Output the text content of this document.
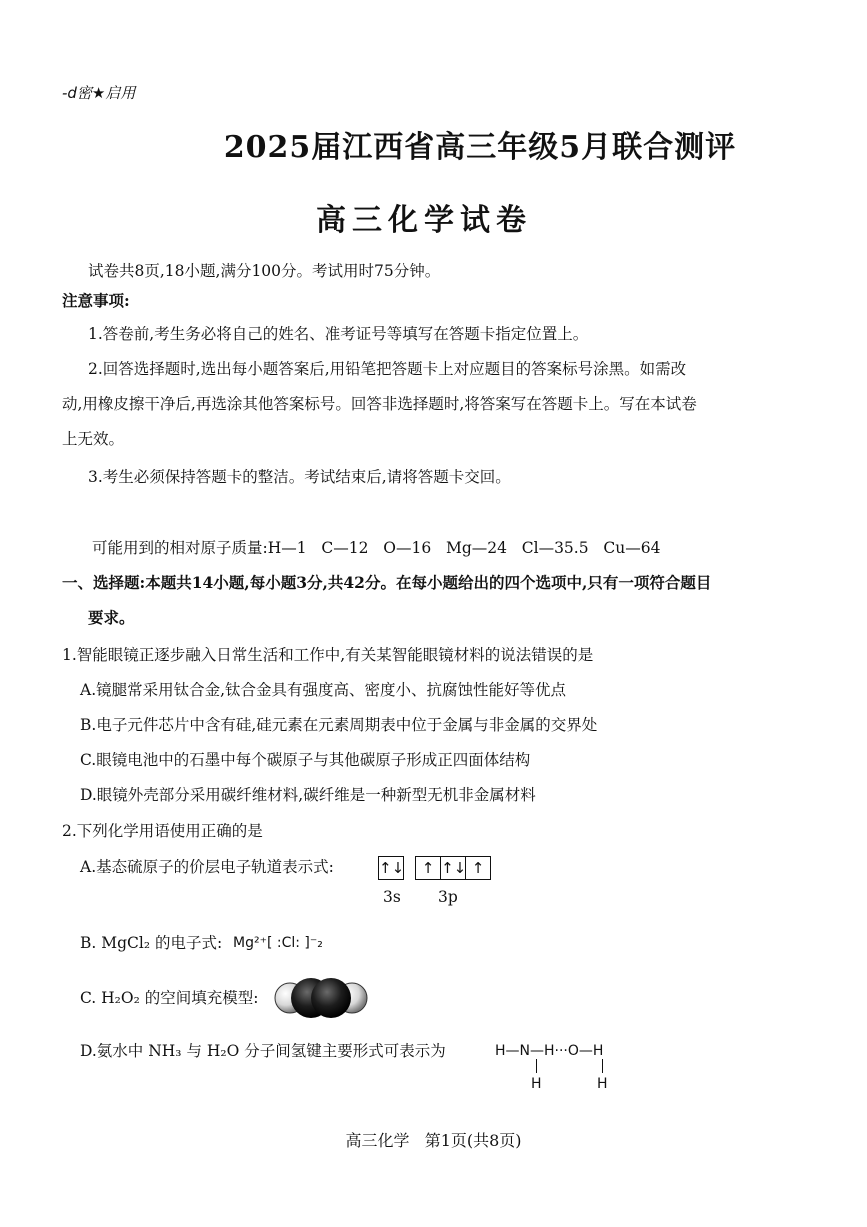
-d密★启用
2025届江西省高三年级5月联合测评
高三化学试卷
试卷共8页,18小题,满分100分。考试用时75分钟。
注意事项:
1.答卷前,考生务必将自己的姓名、准考证号等填写在答题卡指定位置上。
2.回答选择题时,选出每小题答案后,用铅笔把答题卡上对应题目的答案标号涂黑。如需改
动,用橡皮擦干净后,再选涂其他答案标号。回答非选择题时,将答案写在答题卡上。写在本试卷
上无效。
3.考生必须保持答题卡的整洁。考试结束后,请将答题卡交回。
可能用到的相对原子质量:H—1   C—12   O—16   Mg—24   Cl—35.5   Cu—64
一、选择题:本题共14小题,每小题3分,共42分。在每小题给出的四个选项中,只有一项符合题目
要求。
1.智能眼镜正逐步融入日常生活和工作中,有关某智能眼镜材料的说法错误的是
A.镜腿常采用钛合金,钛合金具有强度高、密度小、抗腐蚀性能好等优点
B.电子元件芯片中含有硅,硅元素在元素周期表中位于金属与非金属的交界处
C.眼镜电池中的石墨中每个碳原子与其他碳原子形成正四面体结构
D.眼镜外壳部分采用碳纤维材料,碳纤维是一种新型无机非金属材料
2.下列化学用语使用正确的是
A.基态硫原子的价层电子轨道表示式:	↑↓ ↑ ↑↓ ↑
3s 3p
B. MgCl₂ 的电子式: Mg²⁺[ :Cl: ]⁻₂
C. H₂O₂ 的空间填充模型:
D.氨水中 NH₃ 与 H₂O 分子间氢键主要形式可表示为	H—N—H···O—H
H	H
高三化学   第1页(共8页)
